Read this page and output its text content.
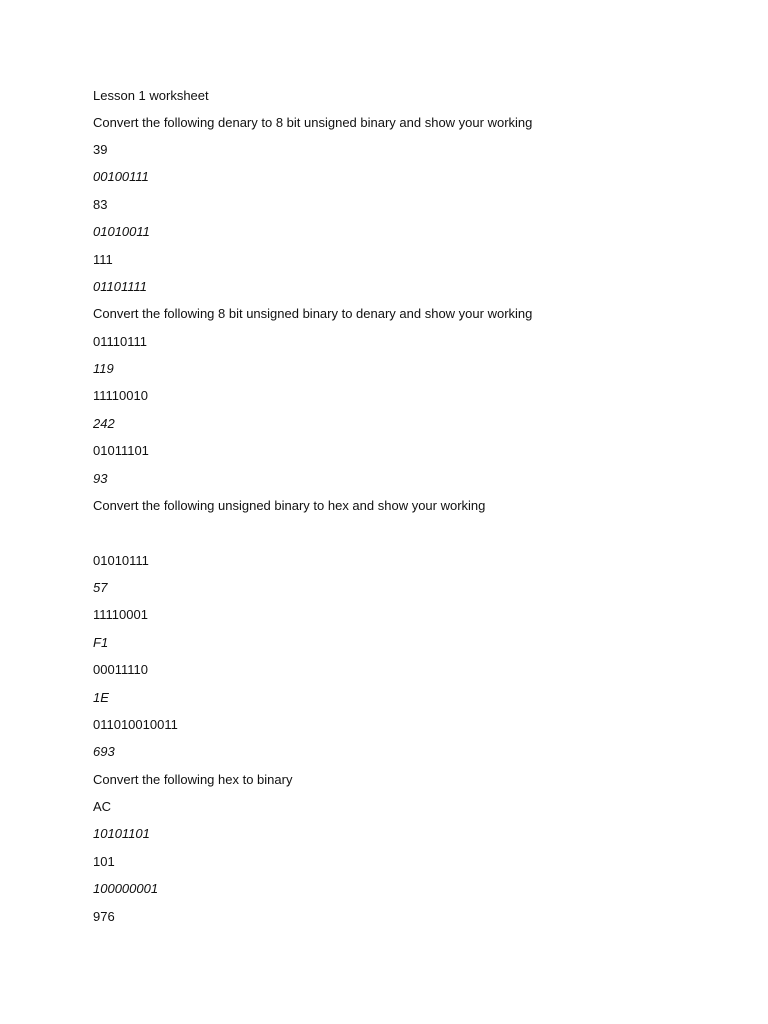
Lesson 1 worksheet
Convert the following denary to 8 bit unsigned binary and show your working
39
00100111
83
01010011
111
01101111
Convert the following 8 bit unsigned binary to denary and show your working
01110111
119
11110010
242
01011101
93
Convert the following unsigned binary to hex and show your working
01010111
57
11110001
F1
00011110
1E
011010010011
693
Convert the following hex to binary
AC
10101101
101
100000001
976
